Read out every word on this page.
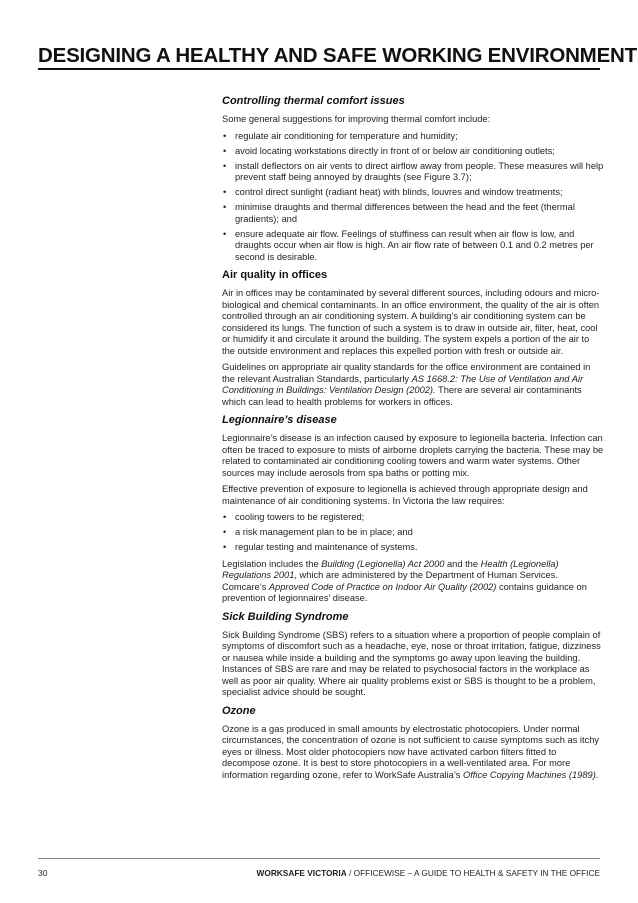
DESIGNING A HEALTHY AND SAFE WORKING ENVIRONMENT
Controlling thermal comfort issues

Some general suggestions for improving thermal comfort include:

• regulate air conditioning for temperature and humidity;
• avoid locating workstations directly in front of or below air conditioning outlets;
• install deflectors on air vents to direct airflow away from people. These measures will help prevent staff being annoyed by draughts (see Figure 3.7);
• control direct sunlight (radiant heat) with blinds, louvres and window treatments;
• minimise draughts and thermal differences between the head and the feet (thermal gradients); and
• ensure adequate air flow. Feelings of stuffiness can result when air flow is low, and draughts occur when air flow is high. An air flow rate of between 0.1 and 0.2 metres per second is desirable.
Air quality in offices

Air in offices may be contaminated by several different sources, including odours and micro-biological and chemical contaminants. In an office environment, the quality of the air is often controlled through an air conditioning system. A building’s air conditioning system can be considered its lungs. The function of such a system is to draw in outside air, filter, heat, cool or humidify it and circulate it around the building. The system expels a portion of the air to the outside environment and replaces this expelled portion with fresh or outside air.

Guidelines on appropriate air quality standards for the office environment are contained in the relevant Australian Standards, particularly AS 1668.2: The Use of Ventilation and Air Conditioning in Buildings: Ventilation Design (2002). There are several air contaminants which can lead to health problems for workers in offices.

Legionnaire’s disease

Legionnaire’s disease is an infection caused by exposure to legionella bacteria. Infection can often be traced to exposure to mists of airborne droplets carrying the bacteria. These may be related to contaminated air conditioning cooling towers and warm water systems. Other sources may include aerosols from spa baths or potting mix.

Effective prevention of exposure to legionella is achieved through appropriate design and maintenance of air conditioning systems. In Victoria the law requires:

• cooling towers to be registered;
• a risk management plan to be in place; and
• regular testing and maintenance of systems.

Legislation includes the Building (Legionella) Act 2000 and the Health (Legionella) Regulations 2001, which are administered by the Department of Human Services. Comcare’s Approved Code of Practice on Indoor Air Quality (2002) contains guidance on prevention of legionnaires’ disease.

Sick Building Syndrome

Sick Building Syndrome (SBS) refers to a situation where a proportion of people complain of symptoms of discomfort such as a headache, eye, nose or throat irritation, fatigue, dizziness or nausea while inside a building and the symptoms go away upon leaving the building. Instances of SBS are rare and may be related to psychosocial factors in the workplace as well as poor air quality. Where air quality problems exist or SBS is thought to be a problem, specialist advice should be sought.

Ozone

Ozone is a gas produced in small amounts by electrostatic photocopiers. Under normal circumstances, the concentration of ozone is not sufficient to cause symptoms such as itchy eyes or illness. Most older photocopiers now have activated carbon filters fitted to decompose ozone. It is best to store photocopiers in a well-ventilated area. For more information regarding ozone, refer to WorkSafe Australia’s Office Copying Machines (1989).

30	WORKSAFE VICTORIA / OFFICEWISE – A GUIDE TO HEALTH & SAFETY IN THE OFFICE
